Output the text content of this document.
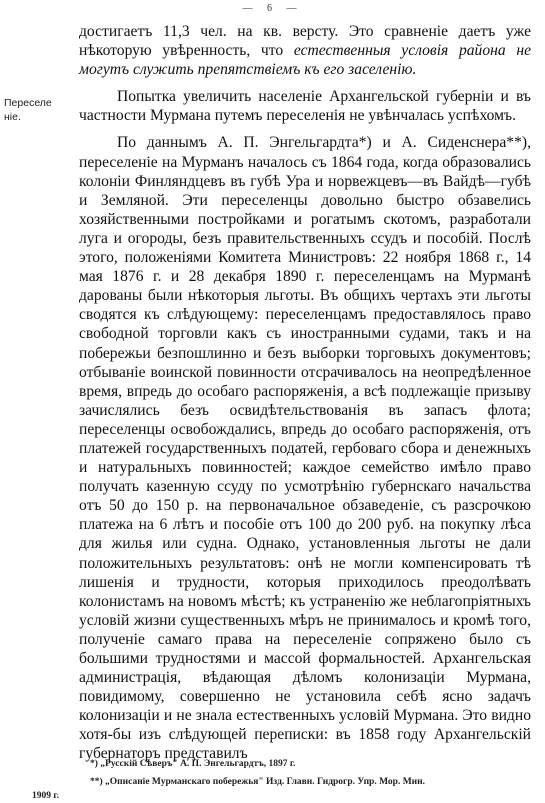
— 6 —
Переселе ніе.

достигаетъ 11,3 чел. на кв. версту. Это сравненіе даетъ уже нѣкоторую увѣренность, что естественныя условія района не могутъ служить препятствіемъ къ его заселенію.

Попытка увеличить населеніе Архангельской губерніи и въ частности Мурмана путемъ переселенія не увѣнчалась успѣхомъ.

По даннымъ А. П. Энгельгардта*) и А. Сиденснера**), переселеніе на Мурманъ началось съ 1864 года, когда образовались колоніи Финляндцевъ въ губѣ Ура и норвежцевъ—въ Вайдѣ—губѣ и Земляной. Эти переселенцы довольно быстро обзавелись хозяйственными постройками и рогатымъ скотомъ, разработали луга и огороды, безъ правительственныхъ ссудъ и пособій. Послѣ этого, положеніями Комитета Министровъ: 22 ноября 1868 г., 14 мая 1876 г. и 28 декабря 1890 г. переселенцамъ на Мурманѣ дарованы были нѣкоторыя льготы. Въ общихъ чертахъ эти льготы сводятся къ слѣдующему: переселенцамъ предоставлялось право свободной торговли какъ съ иностранными судами, такъ и на побережьи безпошлинно и безъ выборки торговыхъ документовъ; отбываніе воинской повинности отсрачивалось на неопредѣленное время, впредь до особаго распоряженія, а всѣ подлежащіе призыву зачислялись безъ освидѣтельствованія въ запасъ флота; переселенцы освобождались, впредь до особаго распоряженія, отъ платежей государственныхъ податей, гербоваго сбора и денежныхъ и натуральныхъ повинностей; каждое семейство имѣло право получать казенную ссуду по усмотрѣнію губернскаго начальства отъ 50 до 150 р. на первоначальное обзаведеніе, съ разсрочкою платежа на 6 лѣтъ и пособіе отъ 100 до 200 руб. на покупку лѣса для жилья или судна. Однако, установленныя льготы не дали положительныхъ результатовъ: онѣ не могли компенсировать тѣ лишенія и трудности, которыя приходилось преодолѣвать колонистамъ на новомъ мѣстѣ; къ устраненію же неблагопріятныхъ условій жизни существенныхъ мѣръ не принималось и кромѣ того, полученіе самаго права на переселеніе сопряжено было съ большими трудностями и массой формальностей. Архангельская администрація, вѣдающая дѣломъ колонизаціи Мурмана, повидимому, совершенно не установила себѣ ясно задачъ колонизаціи и не знала естественныхъ условій Мурмана. Это видно хотя-бы изъ слѣдующей переписки: въ 1858 году Архангельскій губернаторъ представилъ

*) „Русскій Сѣверъ" А. П. Энгельгардтъ, 1897 г.
**) „Описаніе Мурманскаго побережья" Изд. Главн. Гидрогр. Упр. Мор. Мин.
1909 г.
